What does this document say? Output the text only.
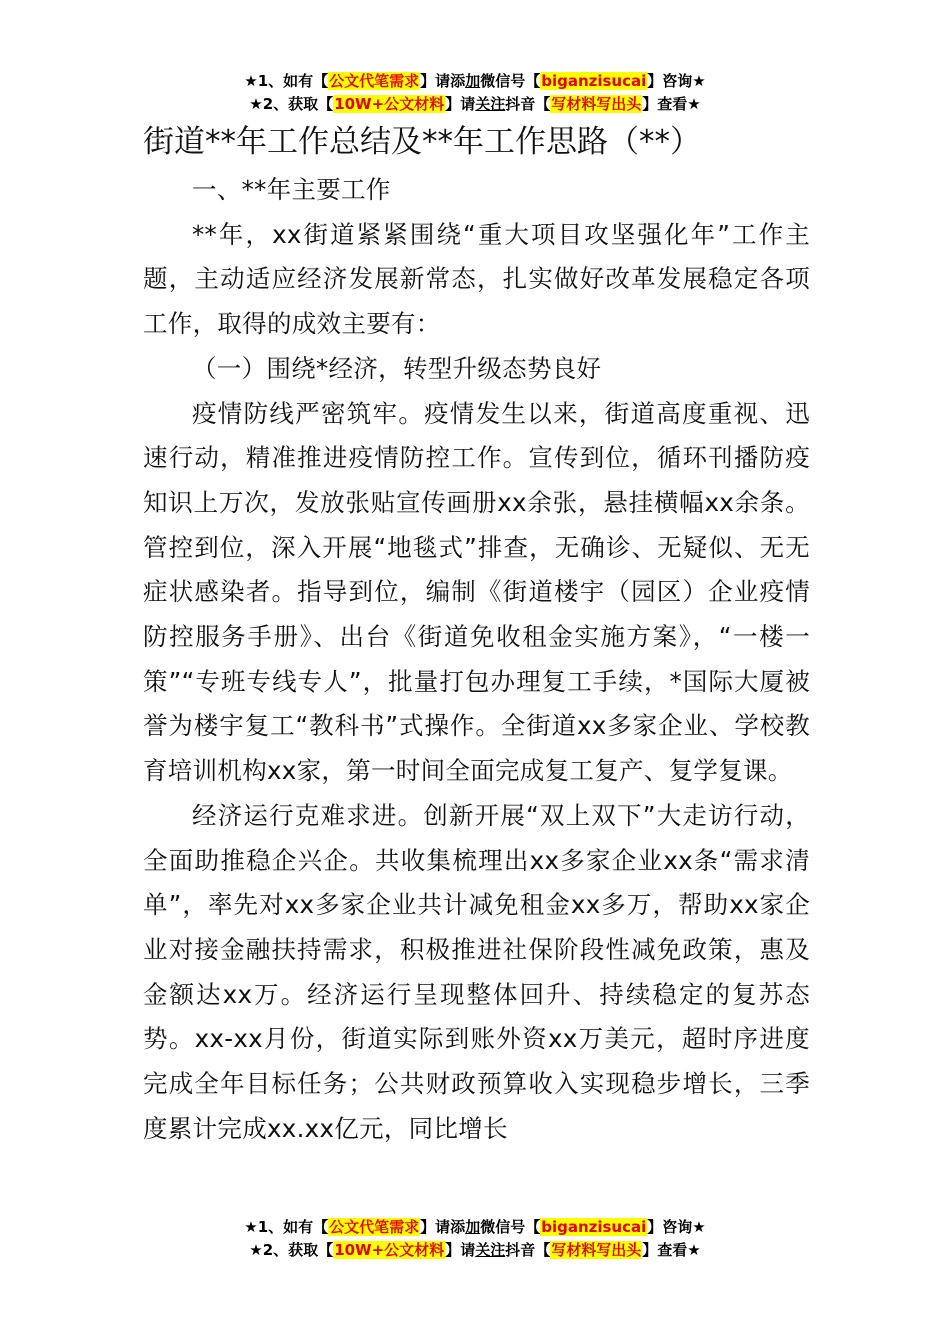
★1、如有【公文代笔需求】请添加微信号【biganzisucai】咨询★
★2、获取【10W+公文材料】请关注抖音【写材料写出头】查看★
街道**年工作总结及**年工作思路（**）

一、**年主要工作

**年，xx街道紧紧围绕“重大项目攻坚强化年”工作主题，主动适应经济发展新常态，扎实做好改革发展稳定各项工作，取得的成效主要有：

（一）围绕*经济，转型升级态势良好

疫情防线严密筑牢。疫情发生以来，街道高度重视、迅速行动，精准推进疫情防控工作。宣传到位，循环刊播防疫知识上万次，发放张贴宣传画册xx余张，悬挂横幅xx余条。管控到位，深入开展“地毯式”排查，无确诊、无疑似、无无症状感染者。指导到位，编制《街道楼宇（园区）企业疫情防控服务手册》、出台《街道免收租金实施方案》，“一楼一策”“专班专线专人”，批量打包办理复工手续，*国际大厦被誉为楼宇复工“教科书”式操作。全街道xx多家企业、学校教育培训机构xx家，第一时间全面完成复工复产、复学复课。

经济运行克难求进。创新开展“双上双下”大走访行动，全面助推稳企兴企。共收集梳理出xx多家企业xx条“需求清单”，率先对xx多家企业共计减免租金xx多万，帮助xx家企业对接金融扶持需求，积极推进社保阶段性减免政策，惠及金额达xx万。经济运行呈现整体回升、持续稳定的复苏态势。xx-xx月份，街道实际到账外资xx万美元，超时序进度完成全年目标任务；公共财政预算收入实现稳步增长，三季度累计完成xx.xx亿元，同比增长

★1、如有【公文代笔需求】请添加微信号【biganzisucai】咨询★
★2、获取【10W+公文材料】请关注抖音【写材料写出头】查看★
